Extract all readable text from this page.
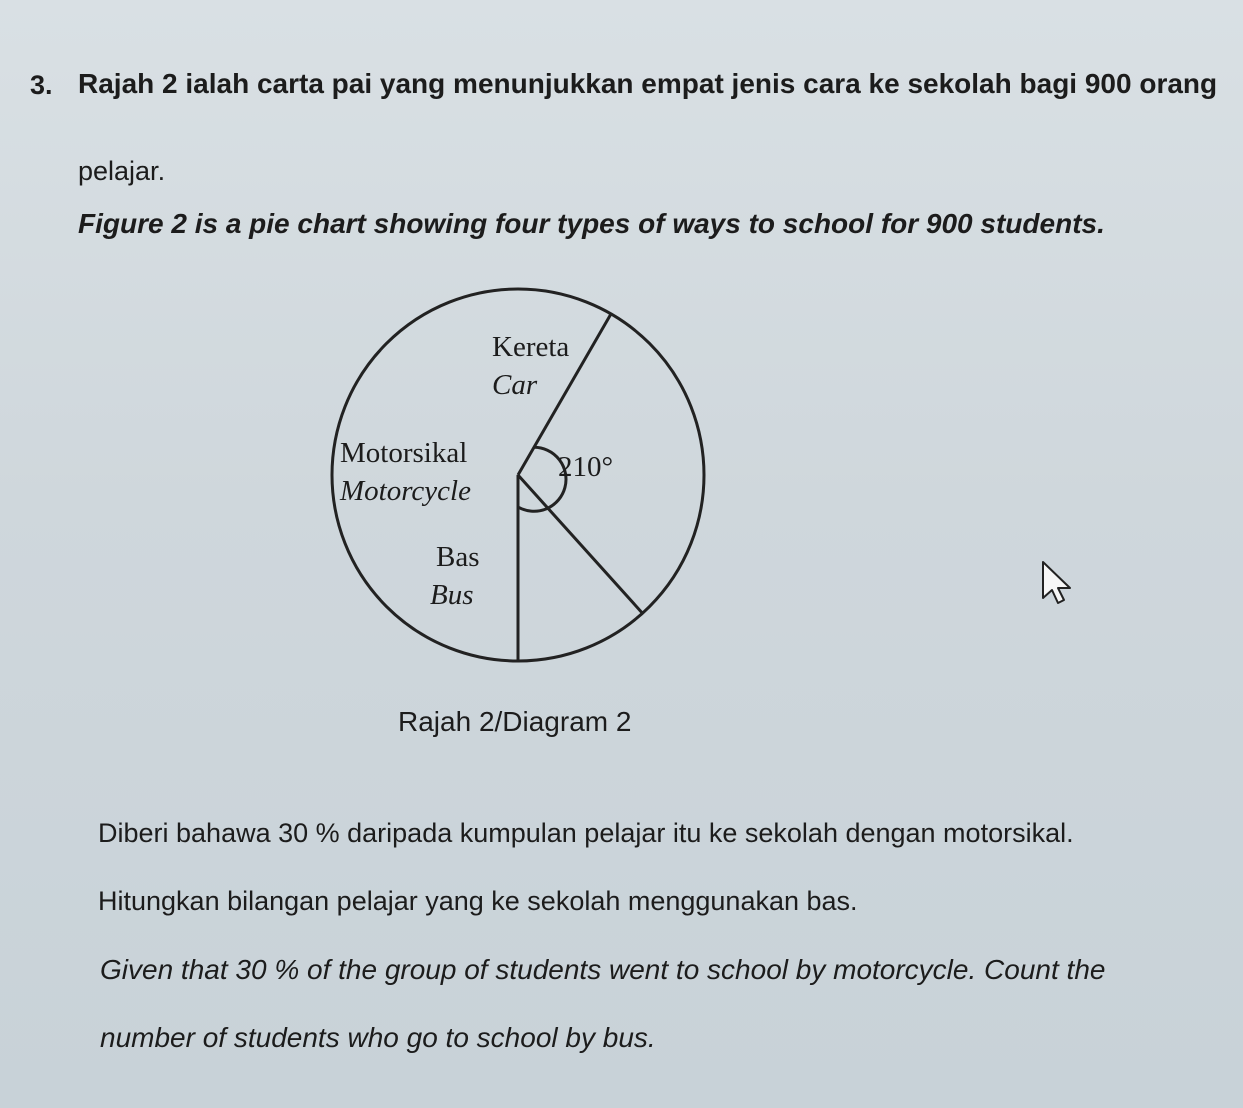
3. Rajah 2 ialah carta pai yang menunjukkan empat jenis cara ke sekolah bagi 900 orang
pelajar.
Figure 2 is a pie chart showing four types of ways to school for 900 students.
Kereta
Car
210°
Motorsikal
Motorcycle
Bas
Bus
Rajah 2/Diagram 2
Diberi bahawa 30 % daripada kumpulan pelajar itu ke sekolah dengan motorsikal.
Hitungkan bilangan pelajar yang ke sekolah menggunakan bas.
Given that 30 % of the group of students went to school by motorcycle. Count the
number of students who go to school by bus.
